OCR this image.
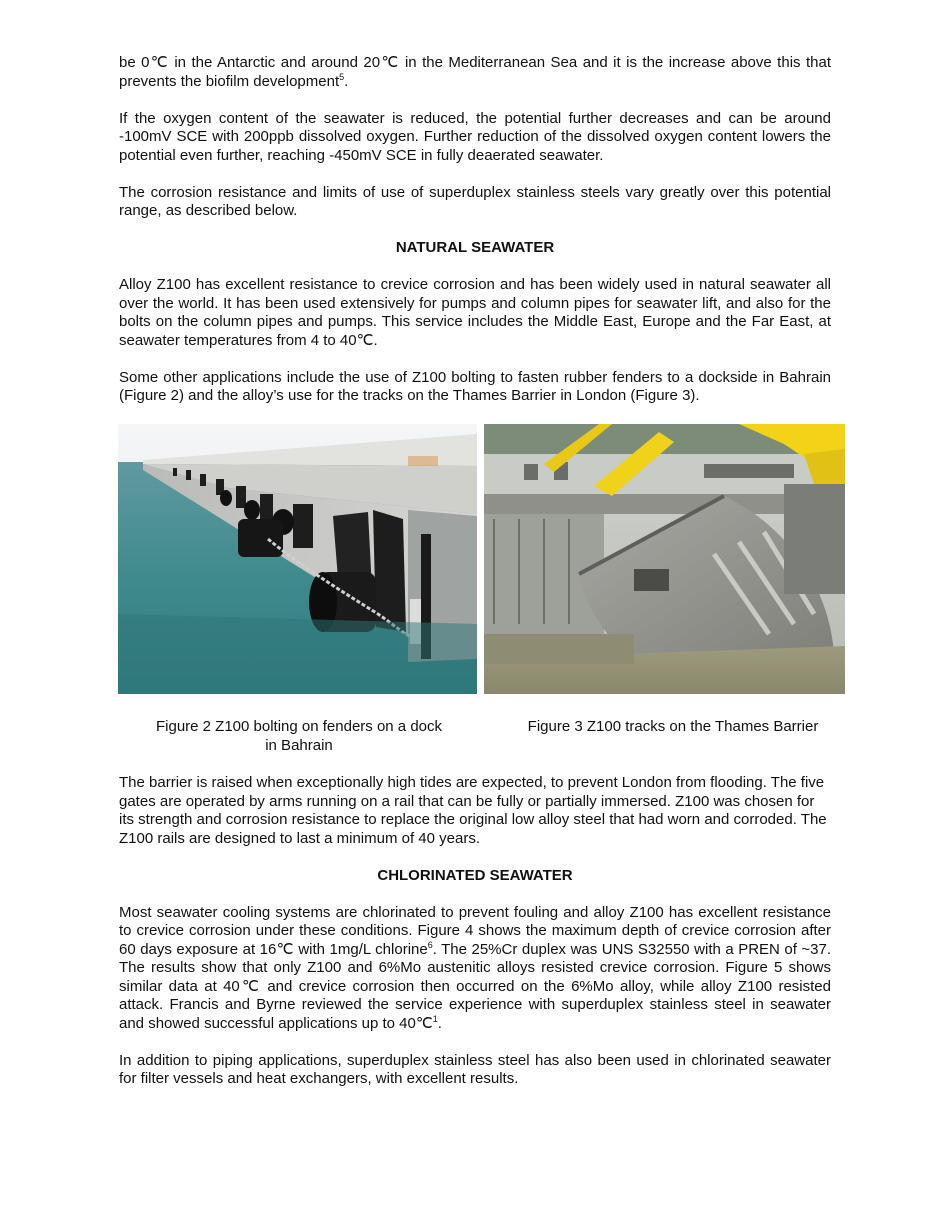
be 0℃ in the Antarctic and around 20℃ in the Mediterranean Sea and it is the increase above this that prevents the biofilm development$^5$.

If the oxygen content of the seawater is reduced, the potential further decreases and can be around -100mV SCE with 200ppb dissolved oxygen. Further reduction of the dissolved oxygen content lowers the potential even further, reaching -450mV SCE in fully deaerated seawater.

The corrosion resistance and limits of use of superduplex stainless steels vary greatly over this potential range, as described below.

NATURAL SEAWATER

Alloy Z100 has excellent resistance to crevice corrosion and has been widely used in natural seawater all over the world. It has been used extensively for pumps and column pipes for seawater lift, and also for the bolts on the column pipes and pumps. This service includes the Middle East, Europe and the Far East, at seawater temperatures from 4 to 40℃.

Some other applications include the use of Z100 bolting to fasten rubber fenders to a dockside in Bahrain (Figure 2) and the alloy’s use for the tracks on the Thames Barrier in London (Figure 3).

Figure 2 Z100 bolting on fenders on a dock
in Bahrain
Figure 3 Z100 tracks on the Thames Barrier

The barrier is raised when exceptionally high tides are expected, to prevent London from flooding. The five gates are operated by arms running on a rail that can be fully or partially immersed. Z100 was chosen for its strength and corrosion resistance to replace the original low alloy steel that had worn and corroded. The Z100 rails are designed to last a minimum of 40 years.

CHLORINATED SEAWATER

Most seawater cooling systems are chlorinated to prevent fouling and alloy Z100 has excellent resistance to crevice corrosion under these conditions. Figure 4 shows the maximum depth of crevice corrosion after 60 days exposure at 16℃ with 1mg/L chlorine$^6$. The 25%Cr duplex was UNS S32550 with a PREN of ~37. The results show that only Z100 and 6%Mo austenitic alloys resisted crevice corrosion. Figure 5 shows similar data at 40℃ and crevice corrosion then occurred on the 6%Mo alloy, while alloy Z100 resisted attack. Francis and Byrne reviewed the service experience with superduplex stainless steel in seawater and showed successful applications up to 40℃$^1$.

In addition to piping applications, superduplex stainless steel has also been used in chlorinated seawater for filter vessels and heat exchangers, with excellent results.
